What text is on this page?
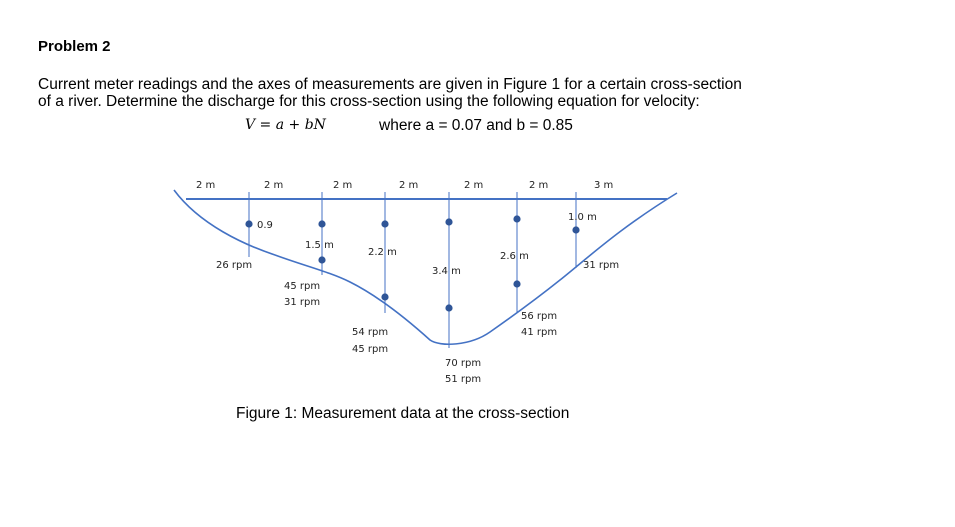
Problem 2
Current meter readings and the axes of measurements are given in Figure 1 for a certain cross-section
of a river. Determine the discharge for this cross-section using the following equation for velocity:
V = a + bN	where a = 0.07 and b = 0.85
2 m	2 m	2 m	2 m	2 m	2 m	3 m
0.9
1.5 m
2.2 m
3.4 m
2.6 m
1.0 m
26 rpm
45 rpm
31 rpm
54 rpm
45 rpm
70 rpm
51 rpm
56 rpm
41 rpm
31 rpm
Figure 1: Measurement data at the cross-section
